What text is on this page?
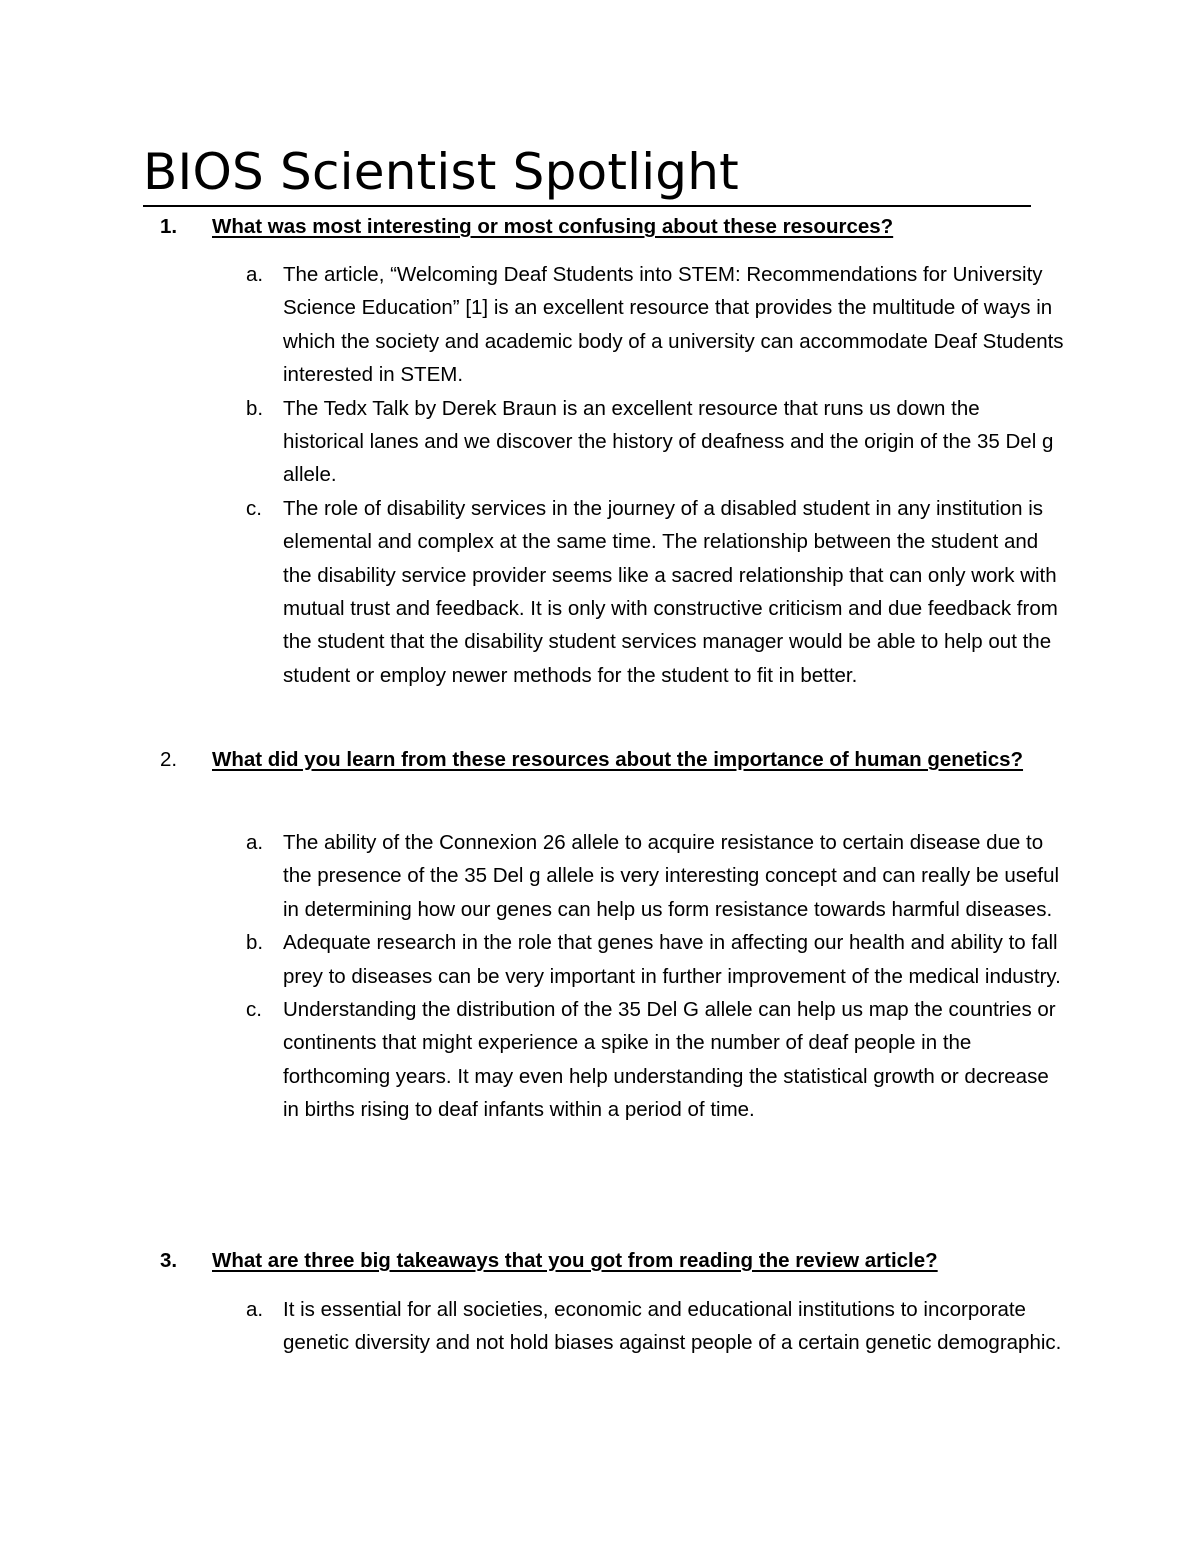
BIOS Scientist Spotlight
1. What was most interesting or most confusing about these resources?
a. The article, “Welcoming Deaf Students into STEM: Recommendations for University Science Education” [1] is an excellent resource that provides the multitude of ways in which the society and academic body of a university can accommodate Deaf Students interested in STEM.
b. The Tedx Talk by Derek Braun is an excellent resource that runs us down the historical lanes and we discover the history of deafness and the origin of the 35 Del g allele.
c. The role of disability services in the journey of a disabled student in any institution is elemental and complex at the same time. The relationship between the student and the disability service provider seems like a sacred relationship that can only work with mutual trust and feedback. It is only with constructive criticism and due feedback from the student that the disability student services manager would be able to help out the student or employ newer methods for the student to fit in better.
2. What did you learn from these resources about the importance of human genetics?
a. The ability of the Connexion 26 allele to acquire resistance to certain disease due to the presence of the 35 Del g allele is very interesting concept and can really be useful in determining how our genes can help us form resistance towards harmful diseases.
b. Adequate research in the role that genes have in affecting our health and ability to fall prey to diseases can be very important in further improvement of the medical industry.
c. Understanding the distribution of the 35 Del G allele can help us map the countries or continents that might experience a spike in the number of deaf people in the forthcoming years. It may even help understanding the statistical growth or decrease in births rising to deaf infants within a period of time.
3. What are three big takeaways that you got from reading the review article?
a. It is essential for all societies, economic and educational institutions to incorporate genetic diversity and not hold biases against people of a certain genetic demographic.
